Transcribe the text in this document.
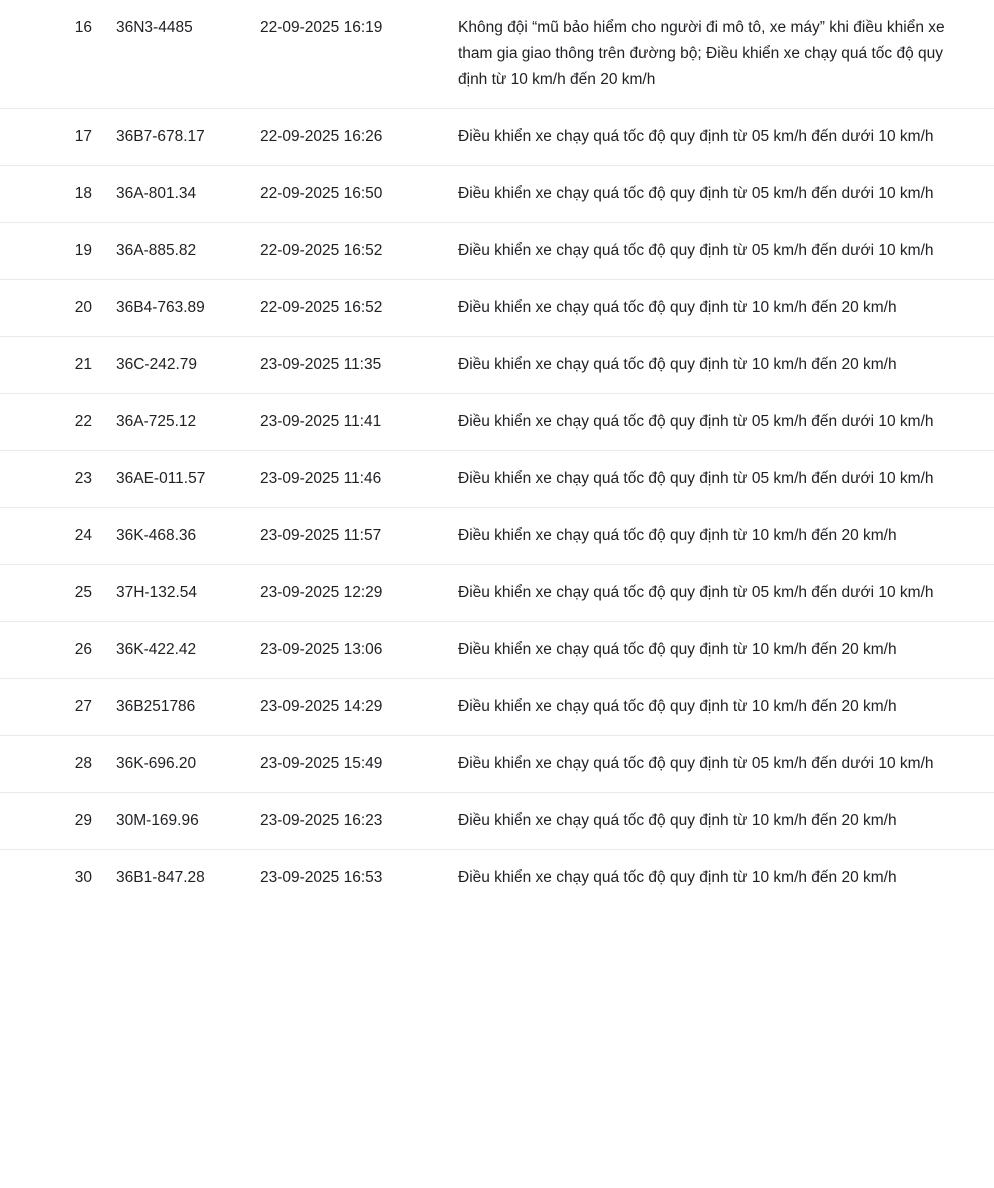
16	36N3-4485	22-09-2025 16:19	Không đội “mũ bảo hiểm cho người đi mô tô, xe máy” khi điều khiển xe tham gia giao thông trên đường bộ; Điều khiển xe chạy quá tốc độ quy định từ 10 km/h đến 20 km/h
17	36B7-678.17	22-09-2025 16:26	Điều khiển xe chạy quá tốc độ quy định từ 05 km/h đến dưới 10 km/h
18	36A-801.34	22-09-2025 16:50	Điều khiển xe chạy quá tốc độ quy định từ 05 km/h đến dưới 10 km/h
19	36A-885.82	22-09-2025 16:52	Điều khiển xe chạy quá tốc độ quy định từ 05 km/h đến dưới 10 km/h
20	36B4-763.89	22-09-2025 16:52	Điều khiển xe chạy quá tốc độ quy định từ 10 km/h đến 20 km/h
21	36C-242.79	23-09-2025 11:35	Điều khiển xe chạy quá tốc độ quy định từ 10 km/h đến 20 km/h
22	36A-725.12	23-09-2025 11:41	Điều khiển xe chạy quá tốc độ quy định từ 05 km/h đến dưới 10 km/h
23	36AE-011.57	23-09-2025 11:46	Điều khiển xe chạy quá tốc độ quy định từ 05 km/h đến dưới 10 km/h
24	36K-468.36	23-09-2025 11:57	Điều khiển xe chạy quá tốc độ quy định từ 10 km/h đến 20 km/h
25	37H-132.54	23-09-2025 12:29	Điều khiển xe chạy quá tốc độ quy định từ 05 km/h đến dưới 10 km/h
26	36K-422.42	23-09-2025 13:06	Điều khiển xe chạy quá tốc độ quy định từ 10 km/h đến 20 km/h
27	36B251786	23-09-2025 14:29	Điều khiển xe chạy quá tốc độ quy định từ 10 km/h đến 20 km/h
28	36K-696.20	23-09-2025 15:49	Điều khiển xe chạy quá tốc độ quy định từ 05 km/h đến dưới 10 km/h
29	30M-169.96	23-09-2025 16:23	Điều khiển xe chạy quá tốc độ quy định từ 10 km/h đến 20 km/h
30	36B1-847.28	23-09-2025 16:53	Điều khiển xe chạy quá tốc độ quy định từ 10 km/h đến 20 km/h
